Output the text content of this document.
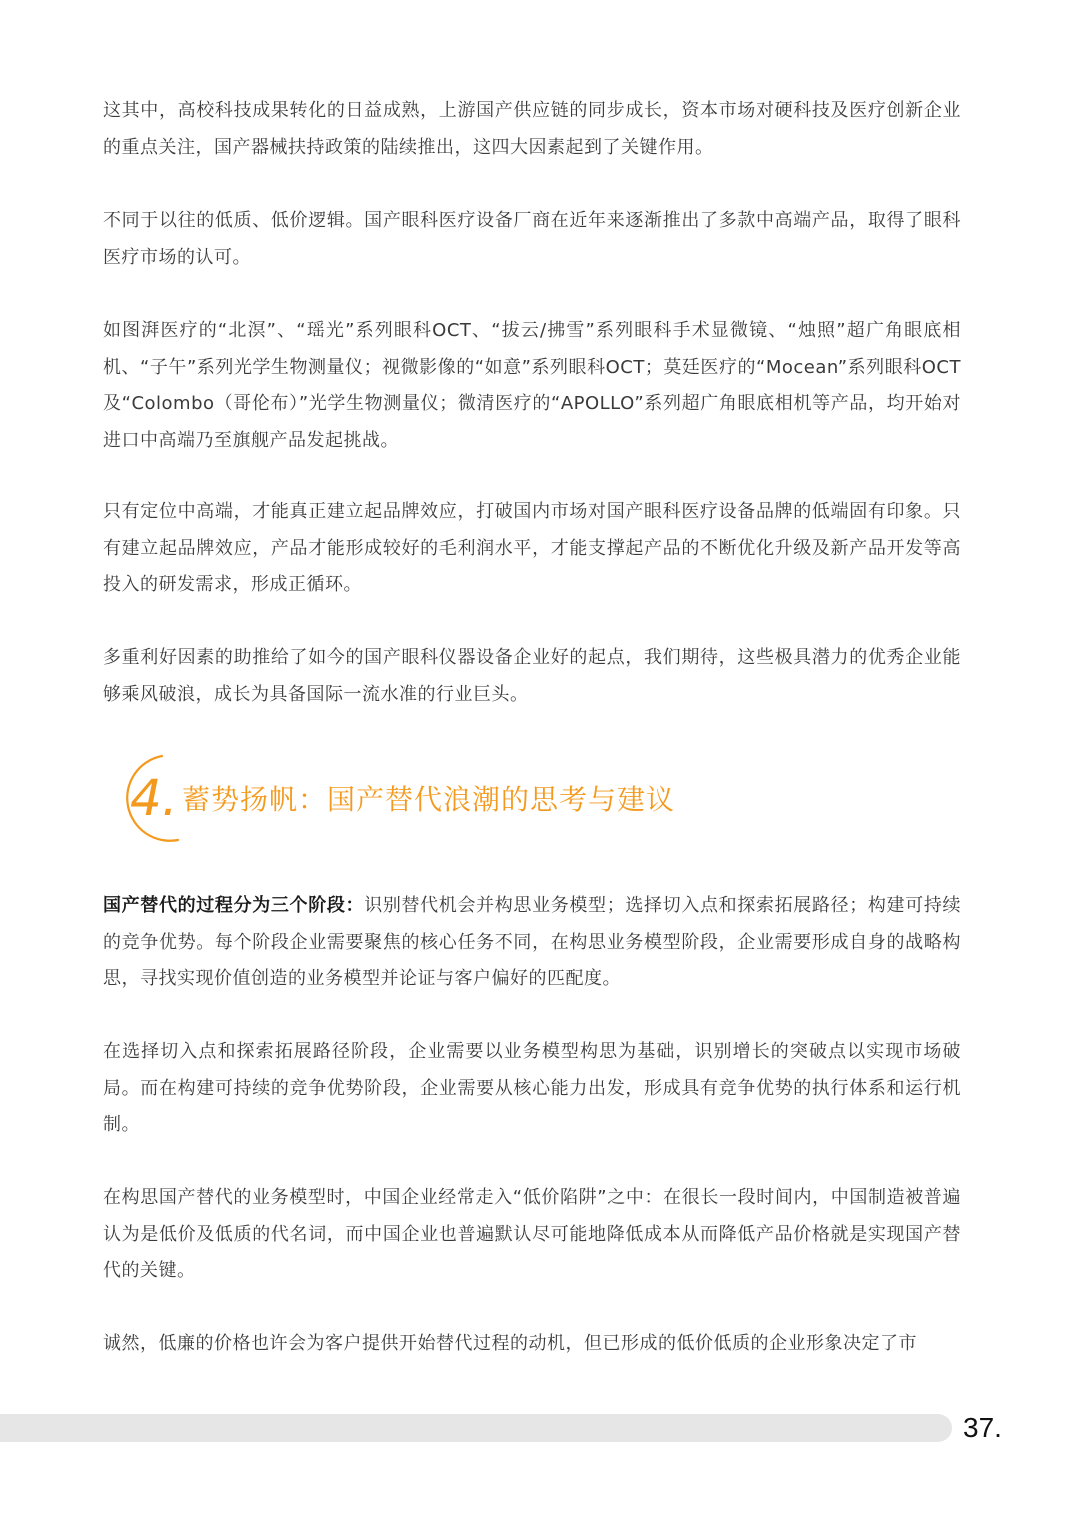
这其中，高校科技成果转化的日益成熟，上游国产供应链的同步成长，资本市场对硬科技及医疗创新企业的重点关注，国产器械扶持政策的陆续推出，这四大因素起到了关键作用。

不同于以往的低质、低价逻辑。国产眼科医疗设备厂商在近年来逐渐推出了多款中高端产品，取得了眼科医疗市场的认可。

如图湃医疗的“北溟”、“瑶光”系列眼科OCT、“拔云/拂雪”系列眼科手术显微镜、“烛照”超广角眼底相机、“子午”系列光学生物测量仪；视微影像的“如意”系列眼科OCT；莫廷医疗的“Mocean”系列眼科OCT及“Colombo（哥伦布）”光学生物测量仪；微清医疗的“APOLLO”系列超广角眼底相机等产品，均开始对进口中高端乃至旗舰产品发起挑战。

只有定位中高端，才能真正建立起品牌效应，打破国内市场对国产眼科医疗设备品牌的低端固有印象。只有建立起品牌效应，产品才能形成较好的毛利润水平，才能支撑起产品的不断优化升级及新产品开发等高投入的研发需求，形成正循环。

多重利好因素的助推给了如今的国产眼科仪器设备企业好的起点，我们期待，这些极具潜力的优秀企业能够乘风破浪，成长为具备国际一流水准的行业巨头。

4. 蓄势扬帆：国产替代浪潮的思考与建议

国产替代的过程分为三个阶段：识别替代机会并构思业务模型；选择切入点和探索拓展路径；构建可持续的竞争优势。每个阶段企业需要聚焦的核心任务不同，在构思业务模型阶段，企业需要形成自身的战略构思，寻找实现价值创造的业务模型并论证与客户偏好的匹配度。

在选择切入点和探索拓展路径阶段，企业需要以业务模型构思为基础，识别增长的突破点以实现市场破局。而在构建可持续的竞争优势阶段，企业需要从核心能力出发，形成具有竞争优势的执行体系和运行机制。

在构思国产替代的业务模型时，中国企业经常走入“低价陷阱”之中：在很长一段时间内，中国制造被普遍认为是低价及低质的代名词，而中国企业也普遍默认尽可能地降低成本从而降低产品价格就是实现国产替代的关键。

诚然，低廉的价格也许会为客户提供开始替代过程的动机，但已形成的低价低质的企业形象决定了市

37.
